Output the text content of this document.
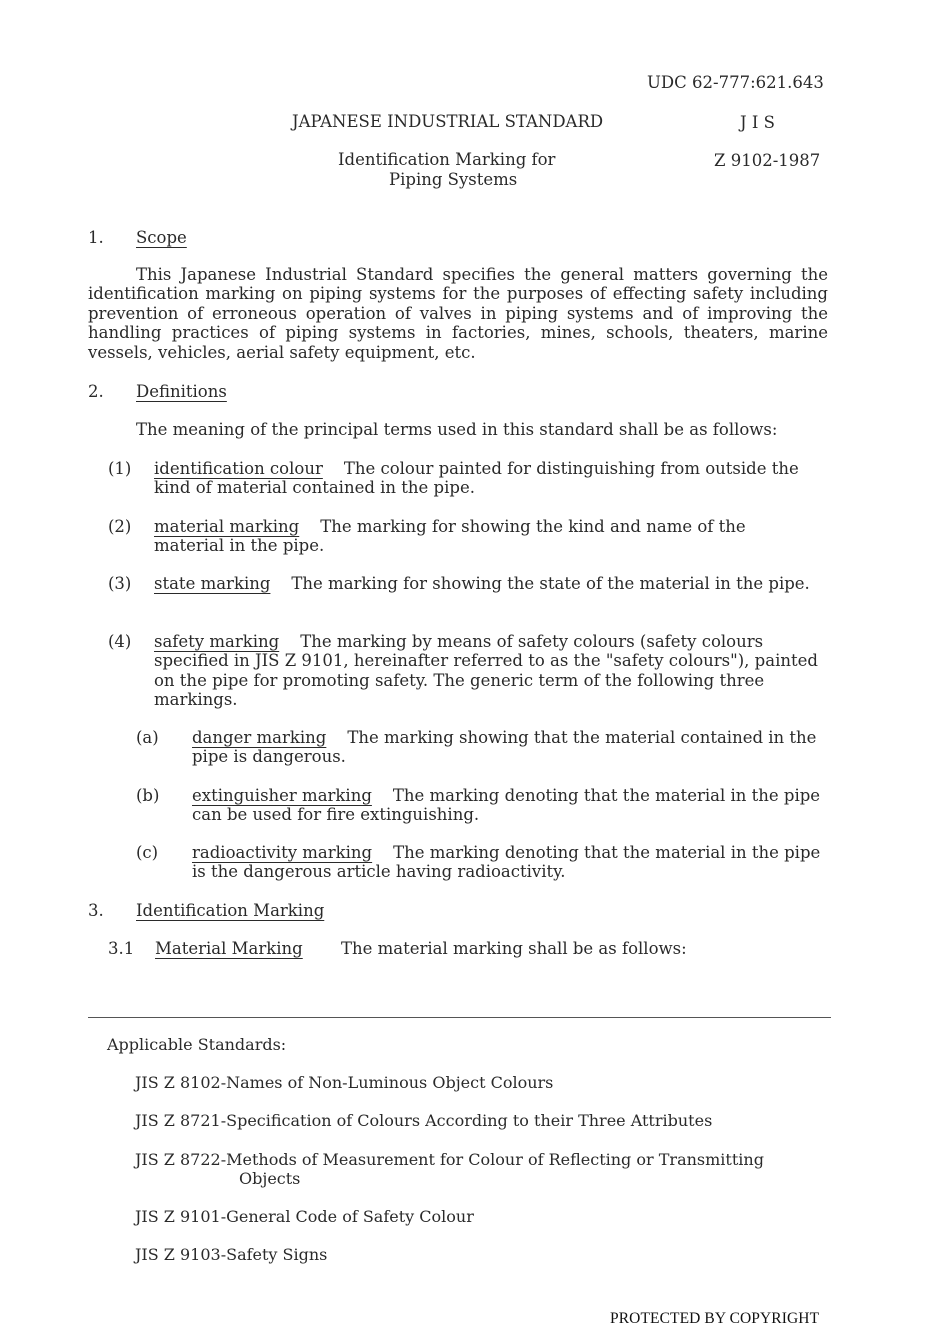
UDC 62-777:621.643

JAPANESE INDUSTRIAL STANDARD	J I S

Identification Marking for

Piping Systems

Z 9102-1987

1. Scope

This Japanese Industrial Standard specifies the general matters governing the identification marking on piping systems for the purposes of effecting safety including prevention of erroneous operation of valves in piping systems and of improving the handling practices of piping systems in factories, mines, schools, theaters, marine vessels, vehicles, aerial safety equipment, etc.

2. Definitions

The meaning of the principal terms used in this standard shall be as follows:

(1) identification colour The colour painted for distinguishing from outside the kind of material contained in the pipe.

(2) material marking The marking for showing the kind and name of the material in the pipe.

(3) state marking The marking for showing the state of the material in the pipe.

(4) safety marking The marking by means of safety colours (safety colours specified in JIS Z 9101, hereinafter referred to as the "safety colours"), painted on the pipe for promoting safety. The generic term of the following three markings.

(a) danger marking The marking showing that the material contained in the pipe is dangerous.

(b) extinguisher marking The marking denoting that the material in the pipe can be used for fire extinguishing.

(c) radioactivity marking The marking denoting that the material in the pipe is the dangerous article having radioactivity.

3. Identification Marking

3.1 Material Marking The material marking shall be as follows:

Applicable Standards:

JIS Z 8102-Names of Non-Luminous Object Colours

JIS Z 8721-Specification of Colours According to their Three Attributes

JIS Z 8722-Methods of Measurement for Colour of Reflecting or Transmitting

Objects

JIS Z 9101-General Code of Safety Colour

JIS Z 9103-Safety Signs

PROTECTED BY COPYRIGHT
